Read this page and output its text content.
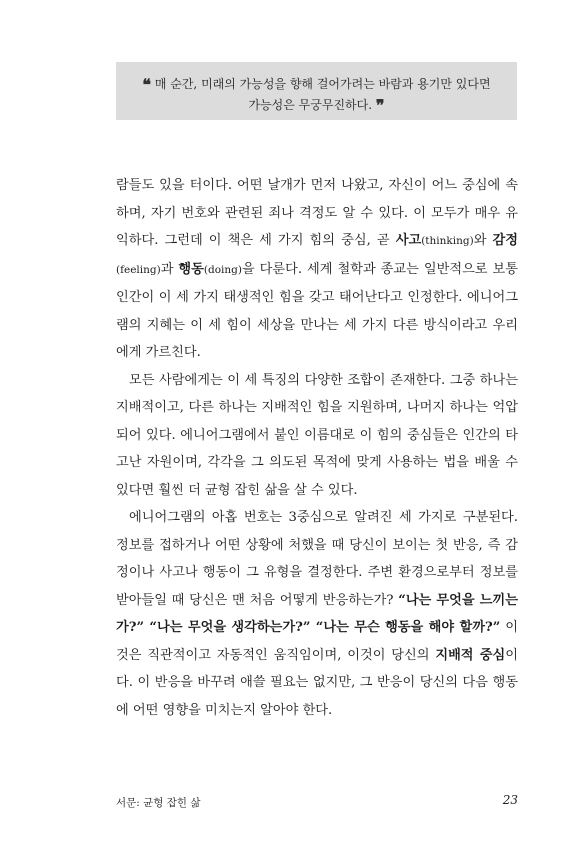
❝ 매 순간, 미래의 가능성을 향해 걸어가려는 바람과 용기만 있다면
가능성은 무궁무진하다. ❞

람들도 있을 터이다. 어떤 날개가 먼저 나왔고, 자신이 어느 중심에 속하며, 자기 번호와 관련된 죄나 격정도 알 수 있다. 이 모두가 매우 유익하다. 그런데 이 책은 세 가지 힘의 중심, 곧 사고(thinking)와 감정(feeling)과 행동(doing)을 다룬다. 세계 철학과 종교는 일반적으로 보통 인간이 이 세 가지 태생적인 힘을 갖고 태어난다고 인정한다. 에니어그램의 지혜는 이 세 힘이 세상을 만나는 세 가지 다른 방식이라고 우리에게 가르친다.

모든 사람에게는 이 세 특징의 다양한 조합이 존재한다. 그중 하나는 지배적이고, 다른 하나는 지배적인 힘을 지원하며, 나머지 하나는 억압되어 있다. 에니어그램에서 붙인 이름대로 이 힘의 중심들은 인간의 타고난 자원이며, 각각을 그 의도된 목적에 맞게 사용하는 법을 배울 수 있다면 훨씬 더 균형 잡힌 삶을 살 수 있다.

에니어그램의 아홉 번호는 3중심으로 알려진 세 가지로 구분된다. 정보를 접하거나 어떤 상황에 처했을 때 당신이 보이는 첫 반응, 즉 감정이나 사고나 행동이 그 유형을 결정한다. 주변 환경으로부터 정보를 받아들일 때 당신은 맨 처음 어떻게 반응하는가? “나는 무엇을 느끼는가?” “나는 무엇을 생각하는가?” “나는 무슨 행동을 해야 할까?” 이것은 직관적이고 자동적인 움직임이며, 이것이 당신의 지배적 중심이다. 이 반응을 바꾸려 애쓸 필요는 없지만, 그 반응이 당신의 다음 행동에 어떤 영향을 미치는지 알아야 한다.

서문: 균형 잡힌 삶	23
